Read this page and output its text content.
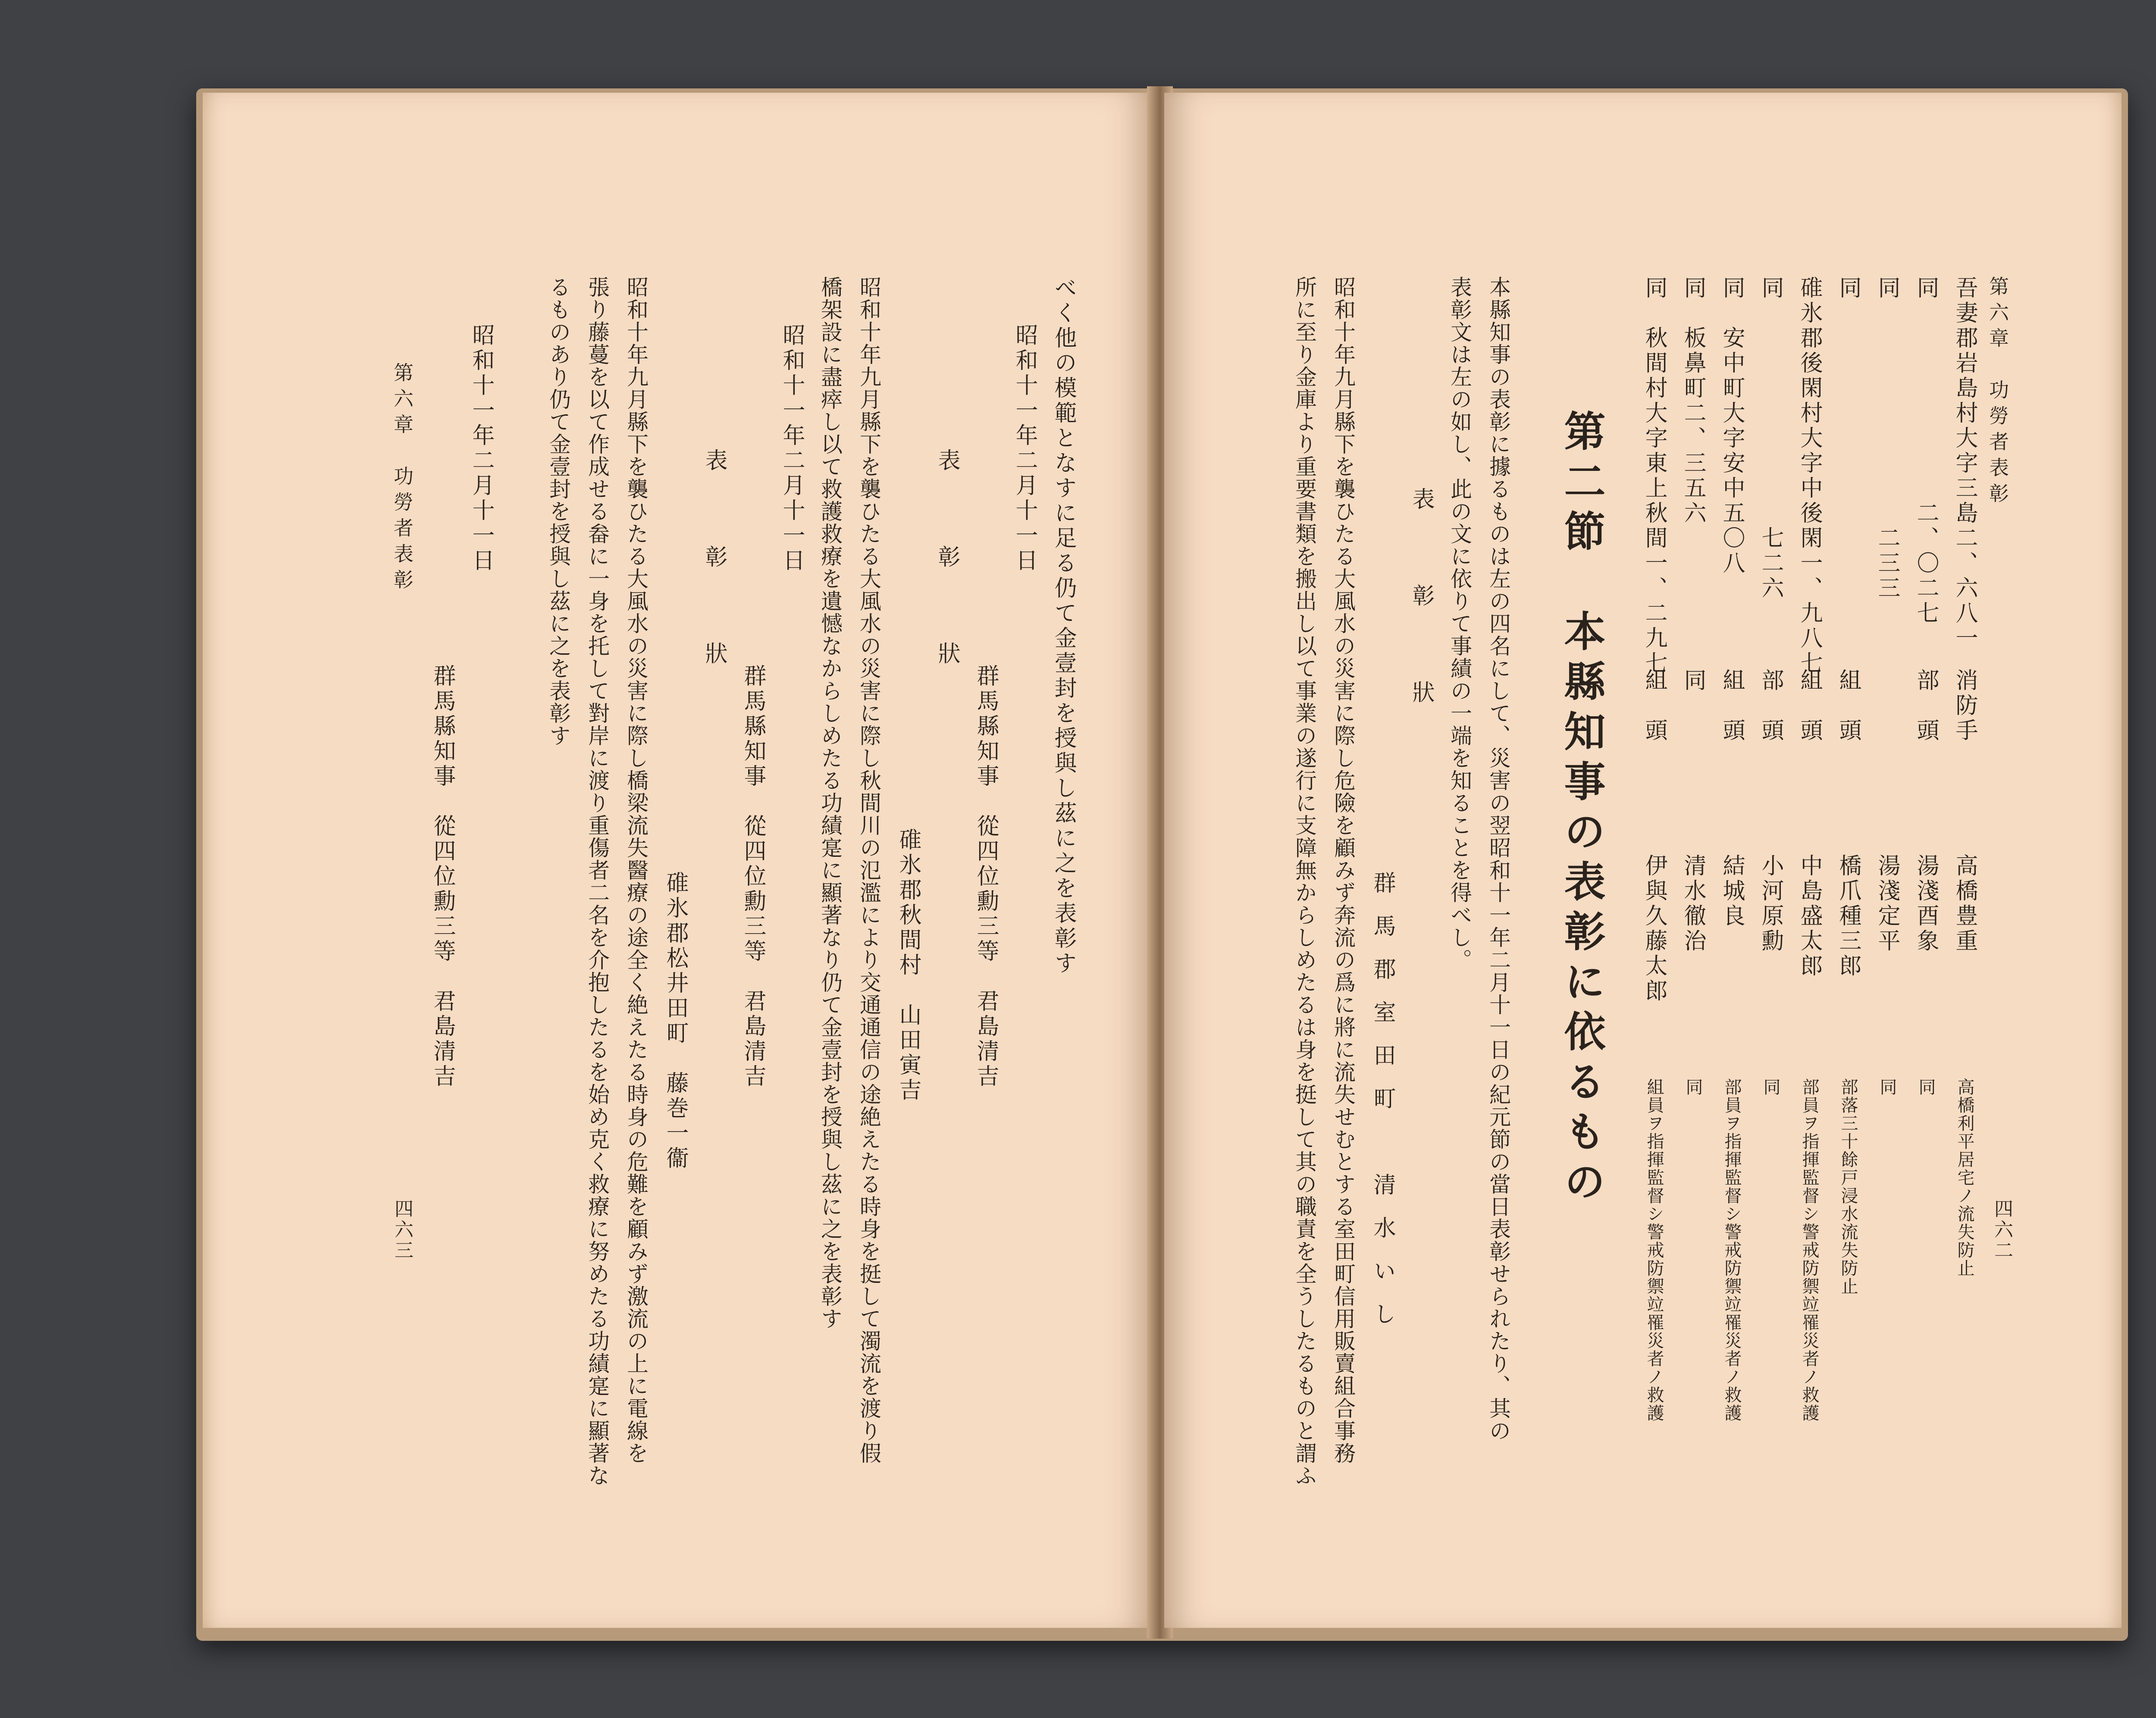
第六章　功勞者表彰
四六二
吾妻郡岩島村大字三島二、六八一
消防手
高橋豊重
高橋利平居宅ノ流失防止
同　　　　　　　　二、〇二七
部　頭
湯淺酉象
同
同　　　　　　　　　二三三
湯淺定平
同
同
組　頭
橋爪種三郎
部落三十餘戸浸水流失防止
碓氷郡後閑村大字中後閑一、九八七
組　頭
中島盛太郎
部員ヲ指揮監督シ警戒防禦竝罹災者ノ救護
同　　　　　　　　　七二六
部　頭
小河原勳
同
同　安中町大字安中五〇八
組　頭
結城良
部員ヲ指揮監督シ警戒防禦竝罹災者ノ救護
同　板鼻町二、三五六
同
清水徹治
同
同　秋間村大字東上秋間一、二九七
組　頭
伊與久藤太郎
組員ヲ指揮監督シ警戒防禦竝罹災者ノ救護
第二節　本縣知事の表彰に依るもの
本縣知事の表彰に據るものは左の四名にして、災害の翌昭和十一年二月十一日の紀元節の當日表彰せられたり、其の
表彰文は左の如し、此の文に依りて事績の一端を知ることを得べし。
表　彰　狀
群馬郡室田町　清水いし
昭和十年九月縣下を襲ひたる大風水の災害に際し危險を顧みず奔流の爲に將に流失せむとする室田町信用販賣組合事務
所に至り金庫より重要書類を搬出し以て事業の遂行に支障無からしめたるは身を挺して其の職責を全うしたるものと謂ふ
べく他の模範となすに足る仍て金壹封を授與し茲に之を表彰す
昭和十一年二月十一日
群馬縣知事　從四位勳三等　君島清吉
表　彰　狀
碓氷郡秋間村　山田寅吉
昭和十年九月縣下を襲ひたる大風水の災害に際し秋間川の氾濫により交通通信の途絶えたる時身を挺して濁流を渡り假
橋架設に盡瘁し以て救護救療を遺憾なからしめたる功績寔に顯著なり仍て金壹封を授與し茲に之を表彰す
昭和十一年二月十一日
群馬縣知事　從四位勳三等　君島清吉
表　彰　狀
碓氷郡松井田町　藤巻一衞
昭和十年九月縣下を襲ひたる大風水の災害に際し橋梁流失醫療の途全く絶えたる時身の危難を顧みず激流の上に電線を
張り藤蔓を以て作成せる畚に一身を托して對岸に渡り重傷者二名を介抱したるを始め克く救療に努めたる功績寔に顯著な
るものあり仍て金壹封を授與し茲に之を表彰す
昭和十一年二月十一日
群馬縣知事　從四位勳三等　君島清吉
第六章　功勞者表彰
四六三
